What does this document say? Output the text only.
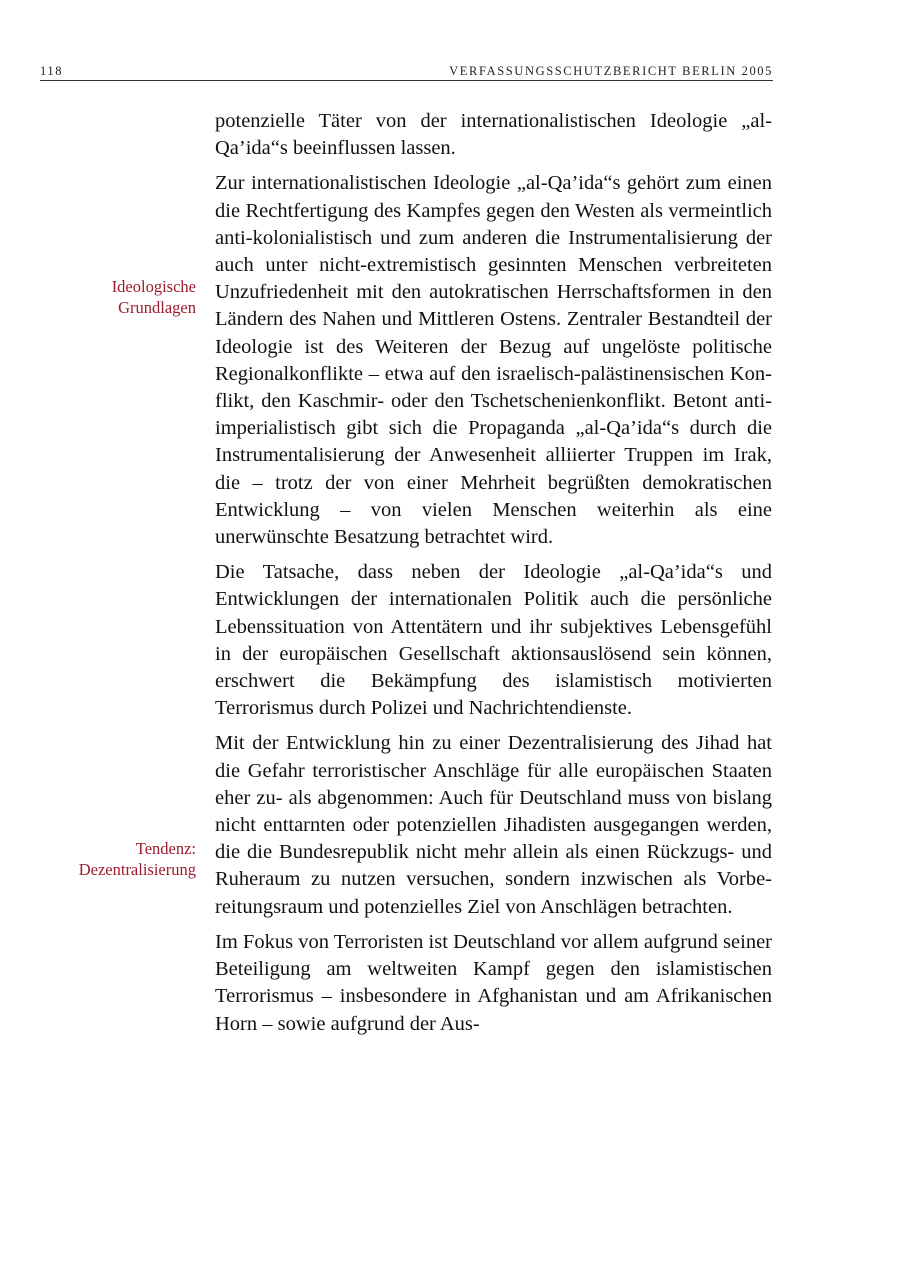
118	VERFASSUNGSSCHUTZBERICHT BERLIN 2005
Ideologische
Grundlagen
Tendenz:
Dezentralisierung

potenzielle Täter von der internationalistischen Ideologie „al-Qa’ida“s beeinflussen lassen.

Zur internationalistischen Ideologie „al-Qa’ida“s gehört zum einen die Rechtfertigung des Kampfes gegen den Westen als vermeintlich anti-kolonialistisch und zum anderen die Instrumentalisierung der auch unter nicht-extremistisch gesinnten Menschen verbreiteten Unzufriedenheit mit den autokratischen Herrschaftsformen in den Ländern des Nahen und Mittleren Ostens. Zentraler Bestandteil der Ideologie ist des Weiteren der Bezug auf ungelöste politische Regionalkonflikte – etwa auf den israelisch-palästinensischen Konflikt, den Kaschmir- oder den Tschetschenienkonflikt. Betont anti-imperialistisch gibt sich die Propaganda „al-Qa’ida“s durch die Instrumentalisierung der Anwesenheit alliierter Truppen im Irak, die – trotz der von einer Mehrheit begrüßten demokratischen Entwicklung – von vielen Menschen weiterhin als eine unerwünschte Besatzung betrachtet wird.

Die Tatsache, dass neben der Ideologie „al-Qa’ida“s und Entwicklungen der internationalen Politik auch die persönliche Lebenssituation von Attentätern und ihr subjektives Lebensgefühl in der europäischen Gesellschaft aktionsauslösend sein können, erschwert die Bekämpfung des islamistisch motivierten Terrorismus durch Polizei und Nachrichtendienste.

Mit der Entwicklung hin zu einer Dezentralisierung des Jihad hat die Gefahr terroristischer Anschläge für alle europäischen Staaten eher zu- als abgenommen: Auch für Deutschland muss von bislang nicht enttarnten oder potenziellen Jihadisten ausgegangen werden, die die Bundesrepublik nicht mehr allein als einen Rückzugs- und Ruheraum zu nutzen versuchen, sondern inzwischen als Vorbereitungsraum und potenzielles Ziel von Anschlägen betrachten.

Im Fokus von Terroristen ist Deutschland vor allem aufgrund seiner Beteiligung am weltweiten Kampf gegen den islamistischen Terrorismus – insbesondere in Afghanistan und am Afrikanischen Horn – sowie aufgrund der Aus-
